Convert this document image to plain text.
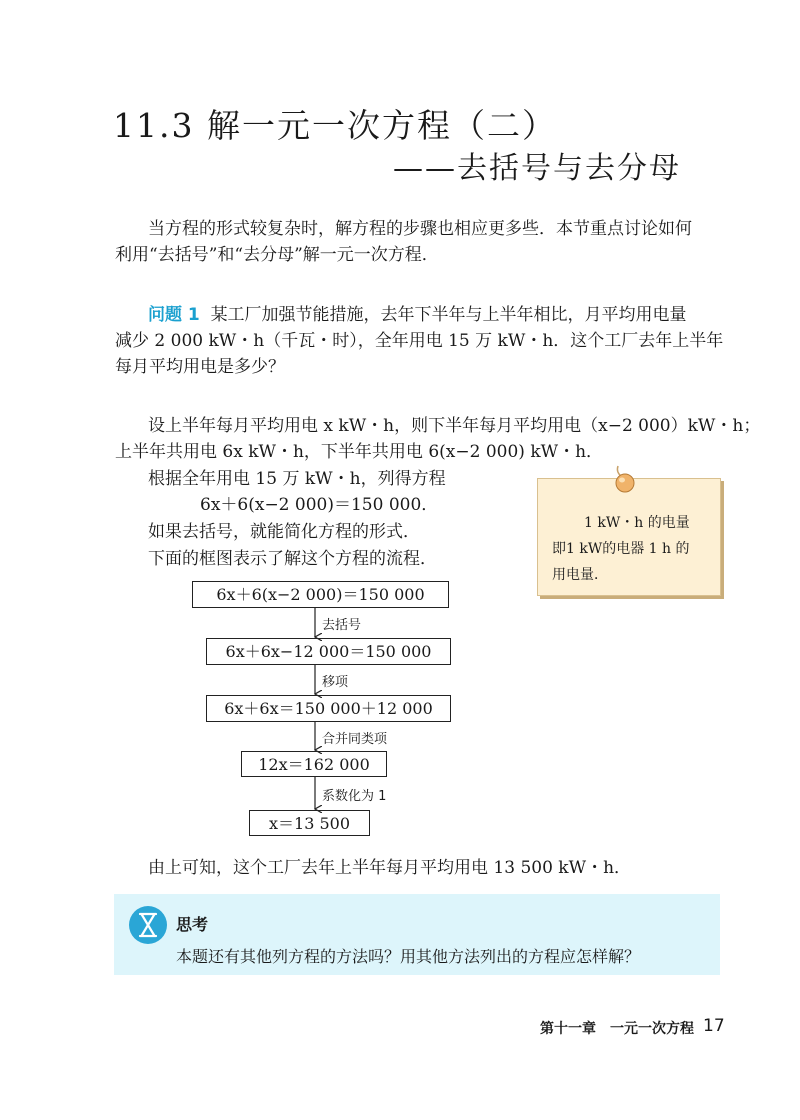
11.3 解一元一次方程（二）
——去括号与去分母
当方程的形式较复杂时，解方程的步骤也相应更多些．本节重点讨论如何
利用“去括号”和“去分母”解一元一次方程．
问题 1 某工厂加强节能措施，去年下半年与上半年相比，月平均用电量
减少 2 000 kW・h（千瓦・时），全年用电 15 万 kW・h．这个工厂去年上半年
每月平均用电是多少？
设上半年每月平均用电 x kW・h，则下半年每月平均用电（x−2 000）kW・h；
上半年共用电 6x kW・h，下半年共用电 6(x−2 000) kW・h．
根据全年用电 15 万 kW・h，列得方程
6x＋6(x−2 000)＝150 000．
如果去括号，就能简化方程的形式．
下面的框图表示了解这个方程的流程．
1 kW・h 的电量
即1 kW的电器 1 h 的
用电量．
6x＋6(x−2 000)＝150 000
6x＋6x−12 000＝150 000
6x＋6x＝150 000＋12 000
12x＝162 000
x＝13 500
去括号
移项
合并同类项
系数化为 1
由上可知，这个工厂去年上半年每月平均用电 13 500 kW・h．
思考
本题还有其他列方程的方法吗？用其他方法列出的方程应怎样解？
第十一章　一元一次方程 17
